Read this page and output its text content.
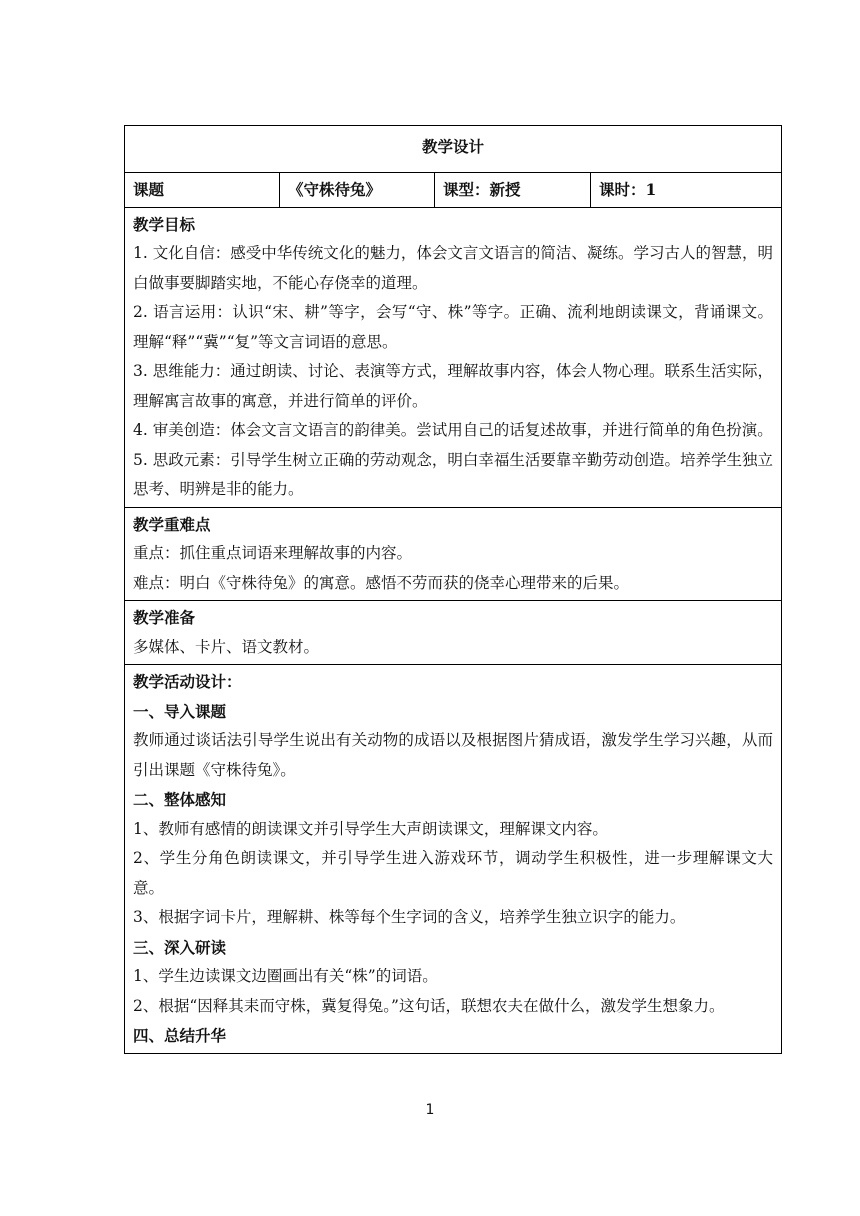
教学设计
课题	《守株待兔》	课型：新授	课时：1

教学目标
1. 文化自信：感受中华传统文化的魅力，体会文言文语言的简洁、凝练。学习古人的智慧，明白做事要脚踏实地，不能心存侥幸的道理。
2. 语言运用：认识“宋、耕”等字，会写“守、株”等字。正确、流利地朗读课文，背诵课文。理解“释”“冀”“复”等文言词语的意思。
3. 思维能力：通过朗读、讨论、表演等方式，理解故事内容，体会人物心理。联系生活实际，理解寓言故事的寓意，并进行简单的评价。
4. 审美创造：体会文言文语言的韵律美。尝试用自己的话复述故事，并进行简单的角色扮演。
5. 思政元素：引导学生树立正确的劳动观念，明白幸福生活要靠辛勤劳动创造。培养学生独立思考、明辨是非的能力。

教学重难点
重点：抓住重点词语来理解故事的内容。
难点：明白《守株待兔》的寓意。感悟不劳而获的侥幸心理带来的后果。

教学准备
多媒体、卡片、语文教材。

教学活动设计：
一、导入课题
教师通过谈话法引导学生说出有关动物的成语以及根据图片猜成语，激发学生学习兴趣，从而引出课题《守株待兔》。
二、整体感知
1、教师有感情的朗读课文并引导学生大声朗读课文，理解课文内容。
2、学生分角色朗读课文，并引导学生进入游戏环节，调动学生积极性，进一步理解课文大意。
3、根据字词卡片，理解耕、株等每个生字词的含义，培养学生独立识字的能力。
三、深入研读
1、学生边读课文边圈画出有关“株”的词语。
2、根据“因释其耒而守株，冀复得兔。”这句话，联想农夫在做什么，激发学生想象力。
四、总结升华
1
